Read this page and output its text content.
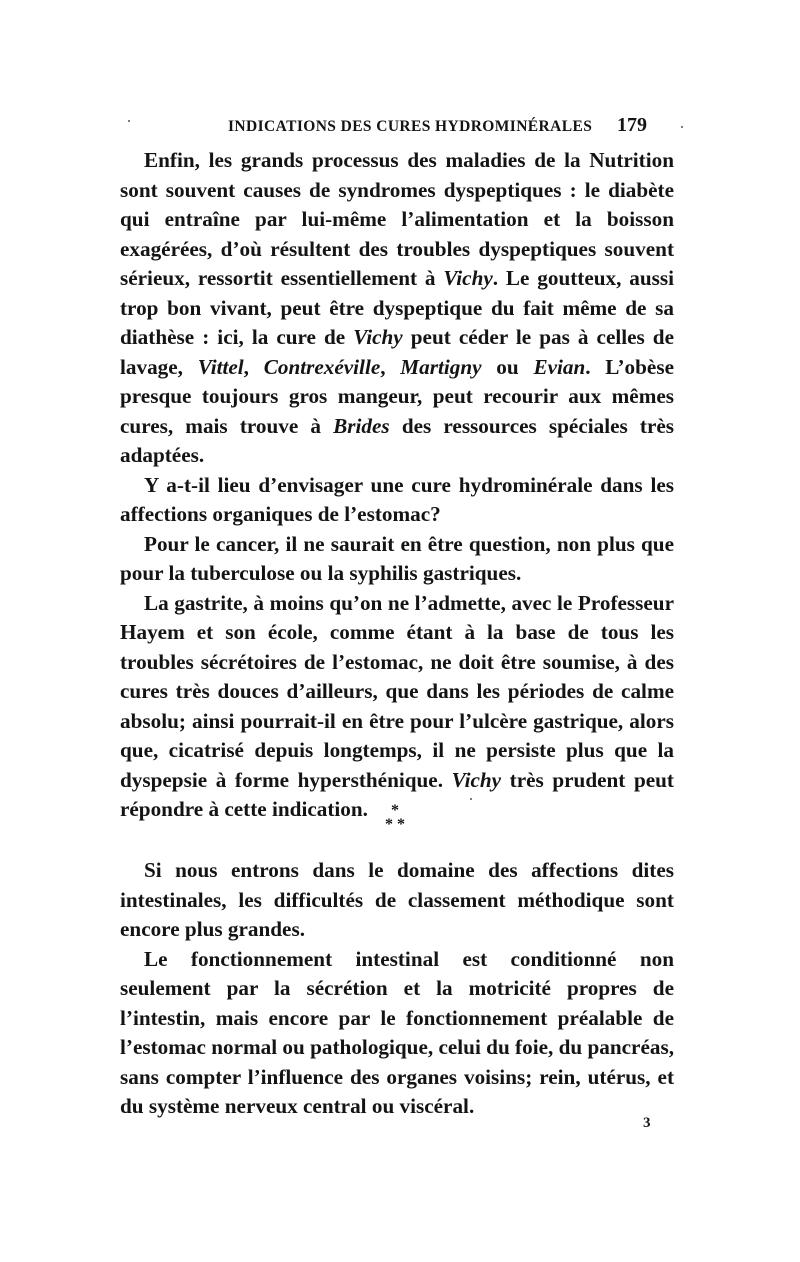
INDICATIONS DES CURES HYDROMINÉRALES 179

Enfin, les grands processus des maladies de la Nutrition sont souvent causes de syndromes dyspeptiques : le diabète qui entraîne par lui-même l’alimentation et la boisson exagérées, d’où résultent des troubles dyspeptiques souvent sérieux, ressortit essentiellement à Vichy. Le goutteux, aussi trop bon vivant, peut être dyspeptique du fait même de sa diathèse : ici, la cure de Vichy peut céder le pas à celles de lavage, Vittel, Contrexéville, Martigny ou Evian. L’obèse presque toujours gros mangeur, peut recourir aux mêmes cures, mais trouve à Brides des ressources spéciales très adaptées.

Y a-t-il lieu d’envisager une cure hydrominérale dans les affections organiques de l’estomac?

Pour le cancer, il ne saurait en être question, non plus que pour la tuberculose ou la syphilis gastriques.

La gastrite, à moins qu’on ne l’admette, avec le Professeur Hayem et son école, comme étant à la base de tous les troubles sécrétoires de l’estomac, ne doit être soumise, à des cures très douces d’ailleurs, que dans les périodes de calme absolu; ainsi pourrait-il en être pour l’ulcère gastrique, alors que, cicatrisé depuis longtemps, il ne persiste plus que la dyspepsie à forme hypersthénique. Vichy très prudent peut répondre à cette indication.	*
* *

Si nous entrons dans le domaine des affections dites intestinales, les difficultés de classement méthodique sont encore plus grandes.

Le fonctionnement intestinal est conditionné non seulement par la sécrétion et la motricité propres de l’intestin, mais encore par le fonctionnement préalable de l’estomac normal ou pathologique, celui du foie, du pancréas, sans compter l’influence des organes voisins; rein, utérus, et du système nerveux central ou viscéral.

3
